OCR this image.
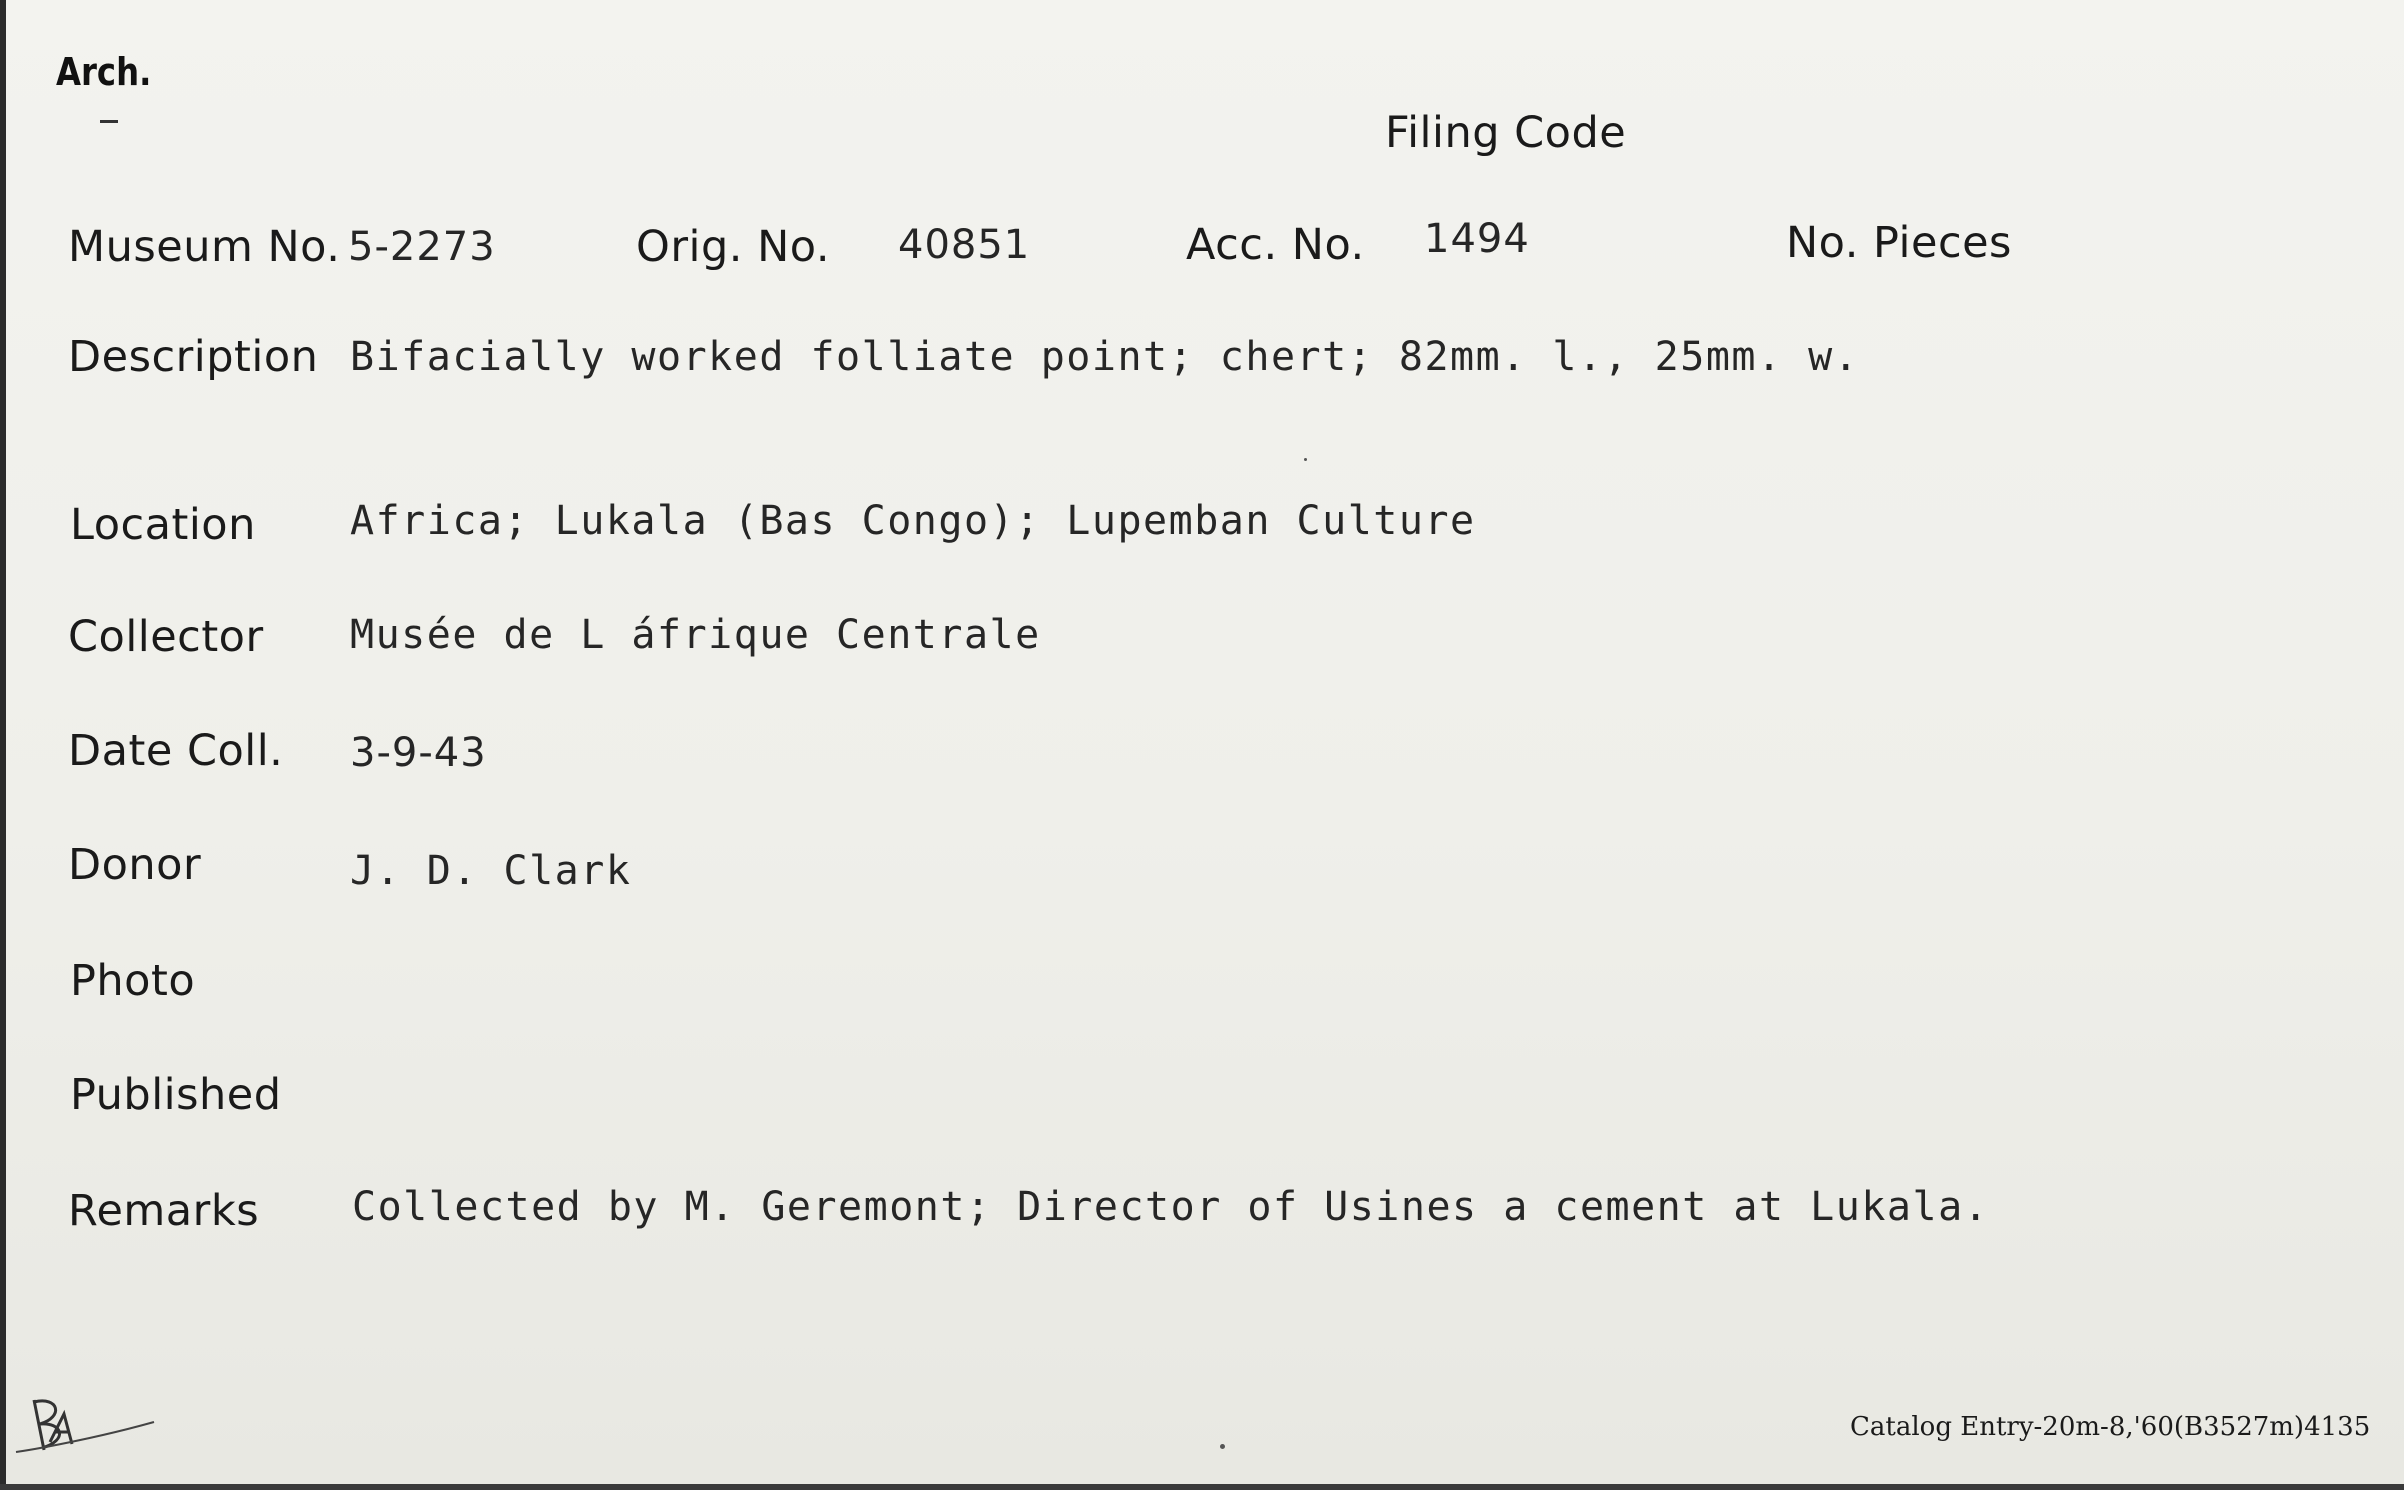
Arch.
Filing Code
Museum No. 5-2273	Orig. No. 40851	Acc. No. 1494	No. Pieces
Description Bifacially worked folliate point; chert; 82mm. l., 25mm. w.
Location Africa; Lukala (Bas Congo); Lupemban Culture
Collector Musée de L áfrique Centrale
Date Coll. 3-9-43
Donor	J. D. Clark
Photo
Published
Remarks Collected by M. Geremont; Director of Usines a cement at Lukala.
Catalog Entry-20m-8,'60(B3527m)4135
